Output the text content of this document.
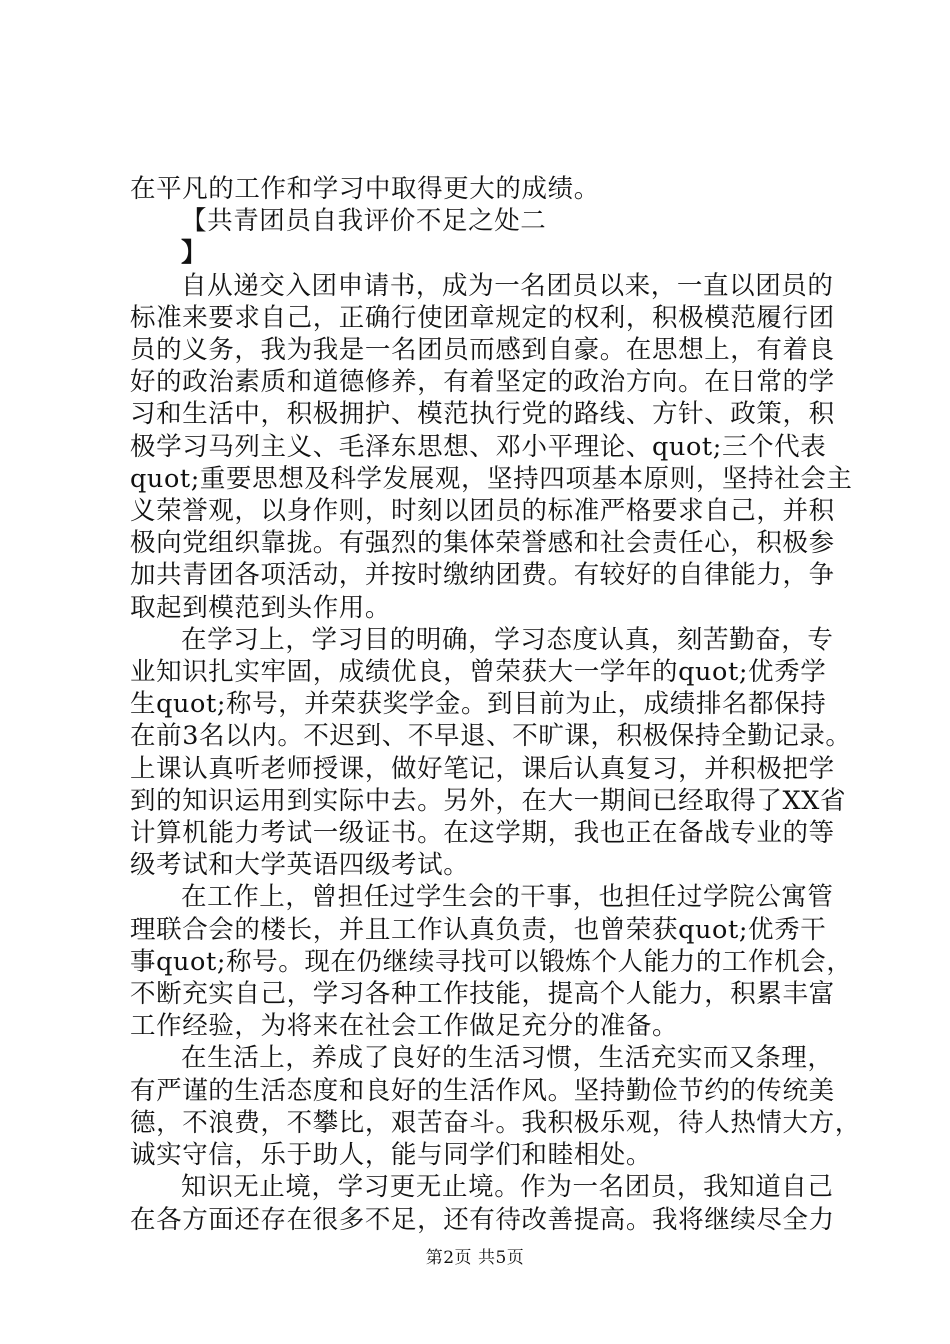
在平凡的工作和学习中取得更大的成绩。
【共青团员自我评价不足之处二
】
自从递交入团申请书，成为一名团员以来，一直以团员的
标准来要求自己，正确行使团章规定的权利，积极模范履行团
员的义务，我为我是一名团员而感到自豪。在思想上，有着良
好的政治素质和道德修养，有着坚定的政治方向。在日常的学
习和生活中，积极拥护、模范执行党的路线、方针、政策，积
极学习马列主义、毛泽东思想、邓小平理论、quot;三个代表
quot;重要思想及科学发展观，坚持四项基本原则，坚持社会主
义荣誉观，以身作则，时刻以团员的标准严格要求自己，并积
极向党组织靠拢。有强烈的集体荣誉感和社会责任心，积极参
加共青团各项活动，并按时缴纳团费。有较好的自律能力，争
取起到模范到头作用。
在学习上，学习目的明确，学习态度认真，刻苦勤奋，专
业知识扎实牢固，成绩优良，曾荣获大一学年的quot;优秀学
生quot;称号，并荣获奖学金。到目前为止，成绩排名都保持
在前3名以内。不迟到、不早退、不旷课，积极保持全勤记录。
上课认真听老师授课，做好笔记，课后认真复习，并积极把学
到的知识运用到实际中去。另外，在大一期间已经取得了XX省
计算机能力考试一级证书。在这学期，我也正在备战专业的等
级考试和大学英语四级考试。
在工作上，曾担任过学生会的干事，也担任过学院公寓管
理联合会的楼长，并且工作认真负责，也曾荣获quot;优秀干
事quot;称号。现在仍继续寻找可以锻炼个人能力的工作机会，
不断充实自己，学习各种工作技能，提高个人能力，积累丰富
工作经验，为将来在社会工作做足充分的准备。
在生活上，养成了良好的生活习惯，生活充实而又条理，
有严谨的生活态度和良好的生活作风。坚持勤俭节约的传统美
德，不浪费，不攀比，艰苦奋斗。我积极乐观，待人热情大方，
诚实守信，乐于助人，能与同学们和睦相处。
知识无止境，学习更无止境。作为一名团员，我知道自己
在各方面还存在很多不足，还有待改善提高。我将继续尽全力
第2页 共5页
